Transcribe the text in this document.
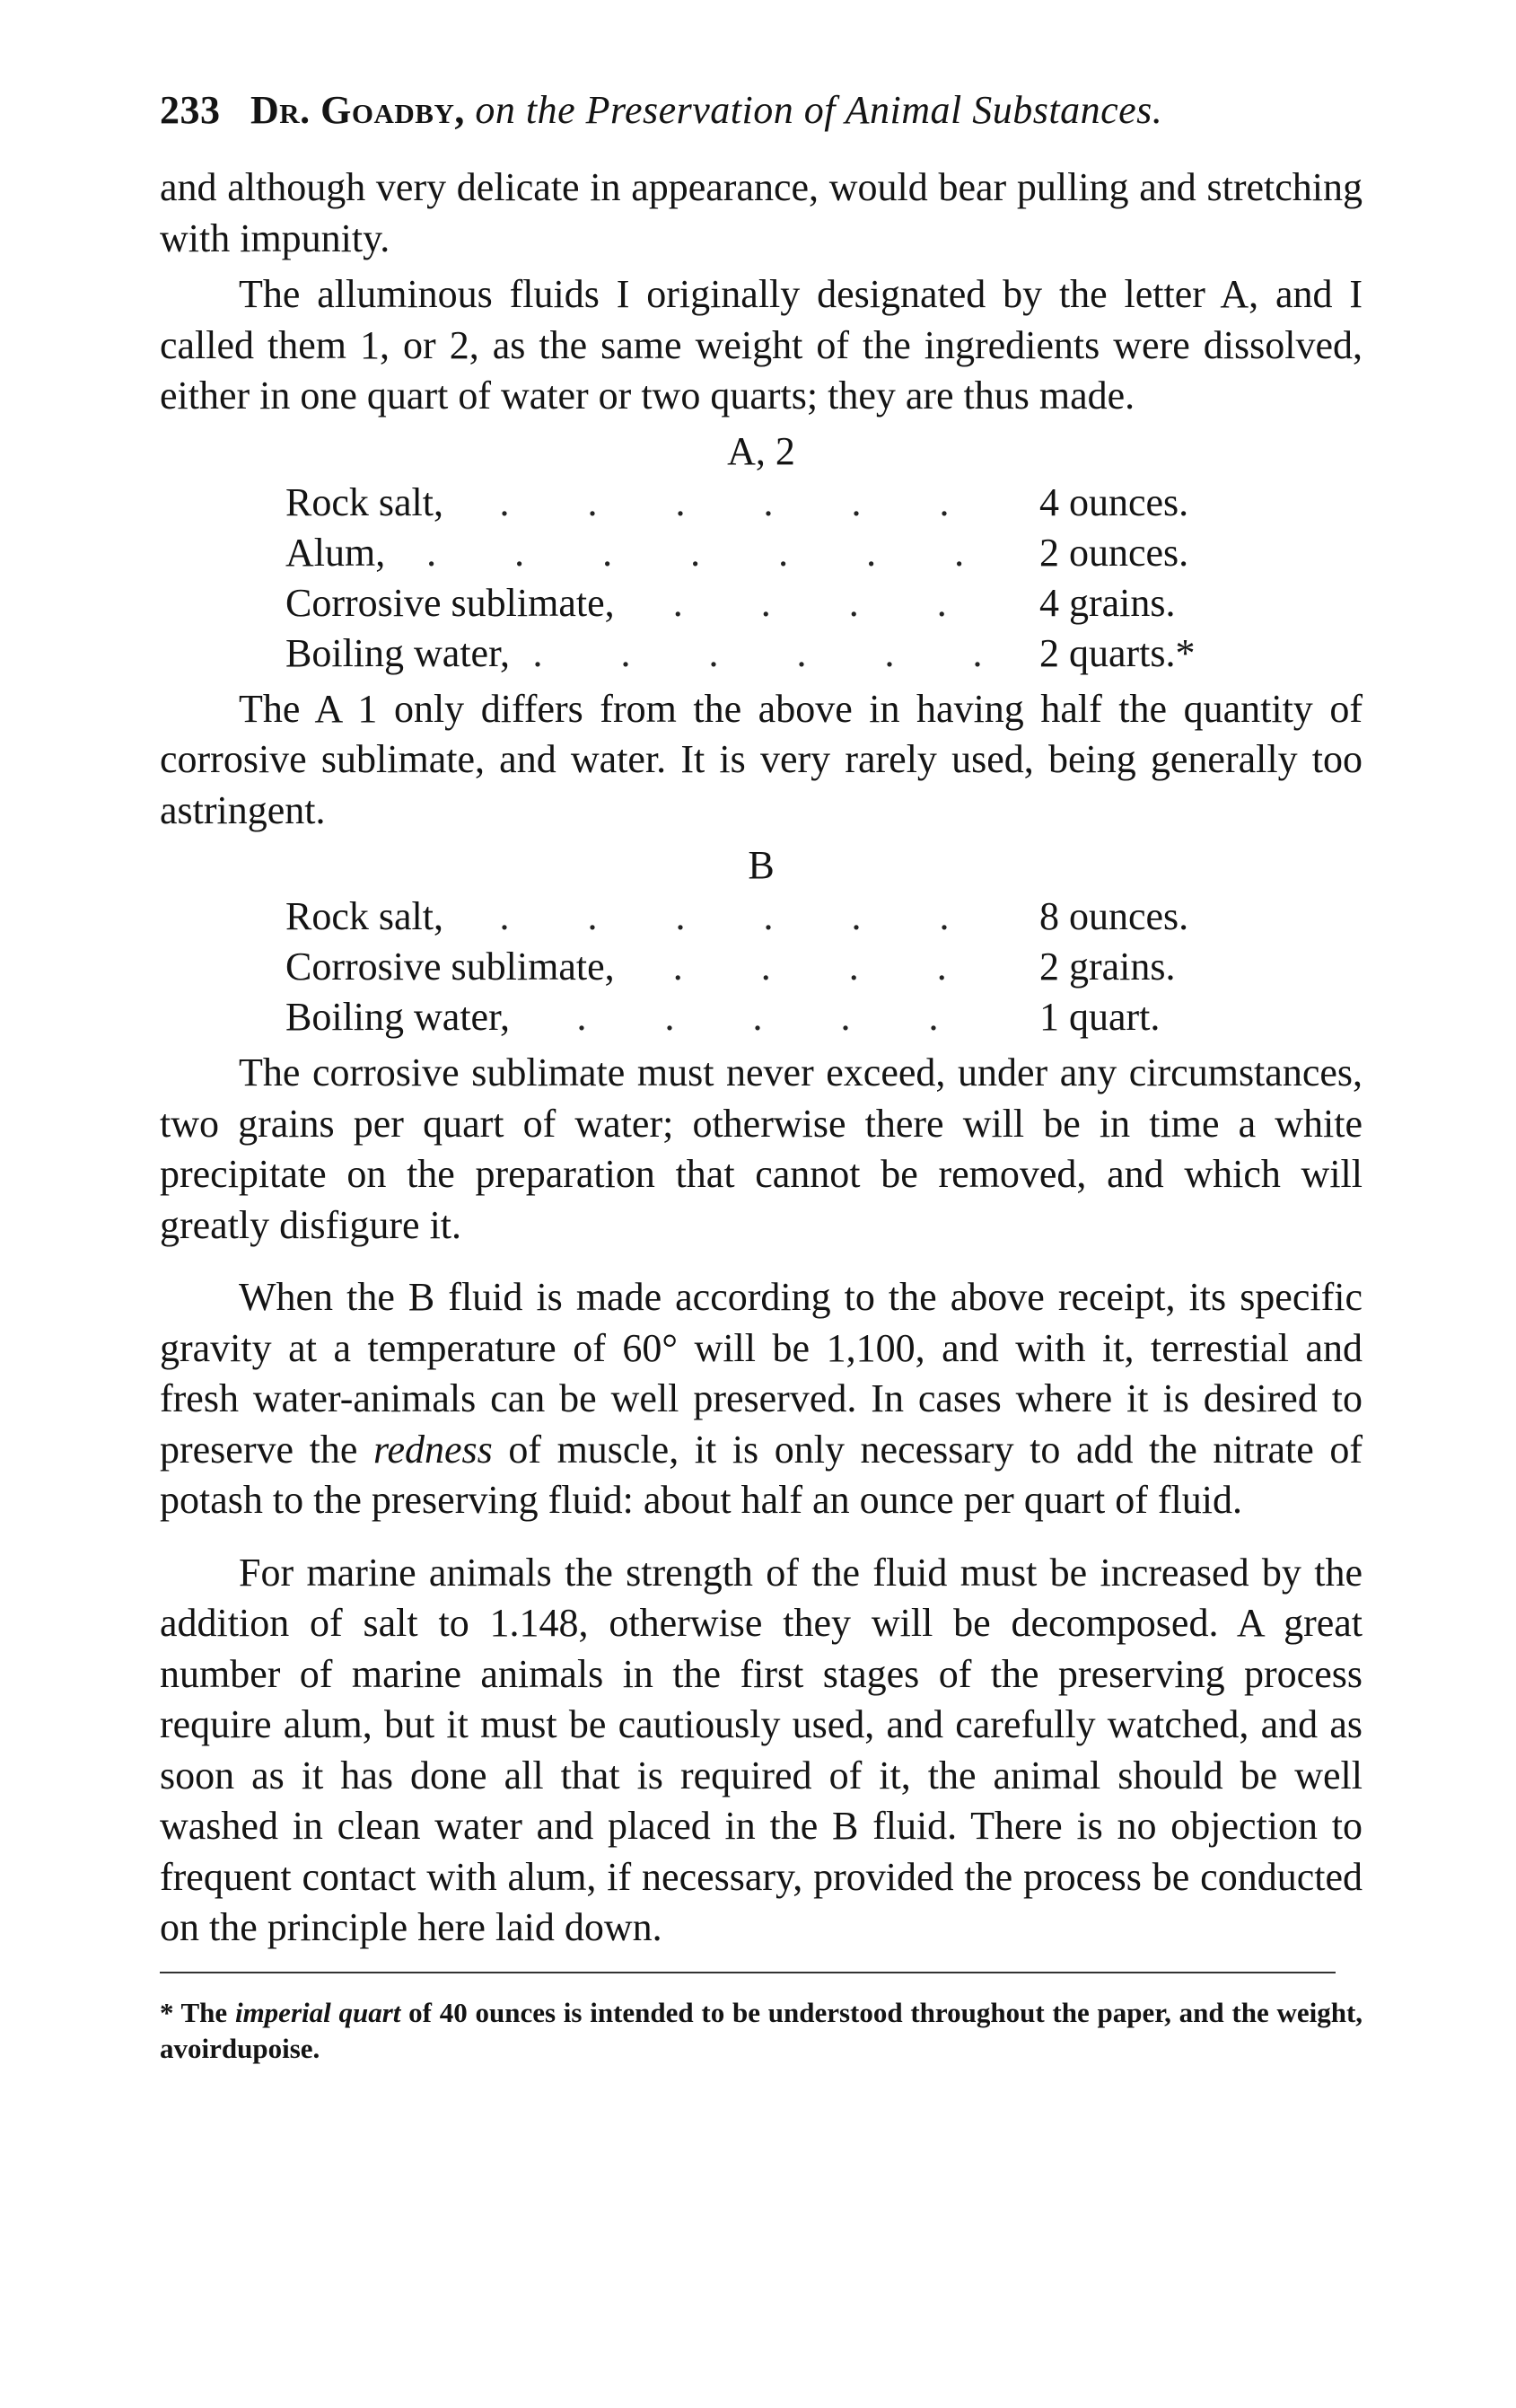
233 Dr. Goadby, on the Preservation of Animal Substances.

and although very delicate in appearance, would bear pulling and stretching with impunity.

The alluminous fluids I originally designated by the letter A, and I called them 1, or 2, as the same weight of the ingredients were dissolved, either in one quart of water or two quarts; they are thus made.

A, 2
Rock salt,	. . . . . .	4 ounces.
Alum,	. . . . . . .	2 ounces.
Corrosive sublimate,	. . . .	4 grains.
Boiling water, . . . . . . 2 quarts.*

The A 1 only differs from the above in having half the quantity of corrosive sublimate, and water. It is very rarely used, being generally too astringent.

B
Rock salt,	. . . . . .	8 ounces.
Corrosive sublimate,	. . . .	2 grains.
Boiling water,	. . . . .	1 quart.

The corrosive sublimate must never exceed, under any circumstances, two grains per quart of water; otherwise there will be in time a white precipitate on the preparation that cannot be removed, and which will greatly disfigure it.

When the B fluid is made according to the above receipt, its specific gravity at a temperature of 60° will be 1,100, and with it, terrestial and fresh water-animals can be well preserved. In cases where it is desired to preserve the redness of muscle, it is only necessary to add the nitrate of potash to the preserving fluid: about half an ounce per quart of fluid.

For marine animals the strength of the fluid must be increased by the addition of salt to 1.148, otherwise they will be decomposed. A great number of marine animals in the first stages of the preserving process require alum, but it must be cautiously used, and carefully watched, and as soon as it has done all that is required of it, the animal should be well washed in clean water and placed in the B fluid. There is no objection to frequent contact with alum, if necessary, provided the process be conducted on the principle here laid down.

* The imperial quart of 40 ounces is intended to be understood throughout the paper, and the weight, avoirdupoise.
